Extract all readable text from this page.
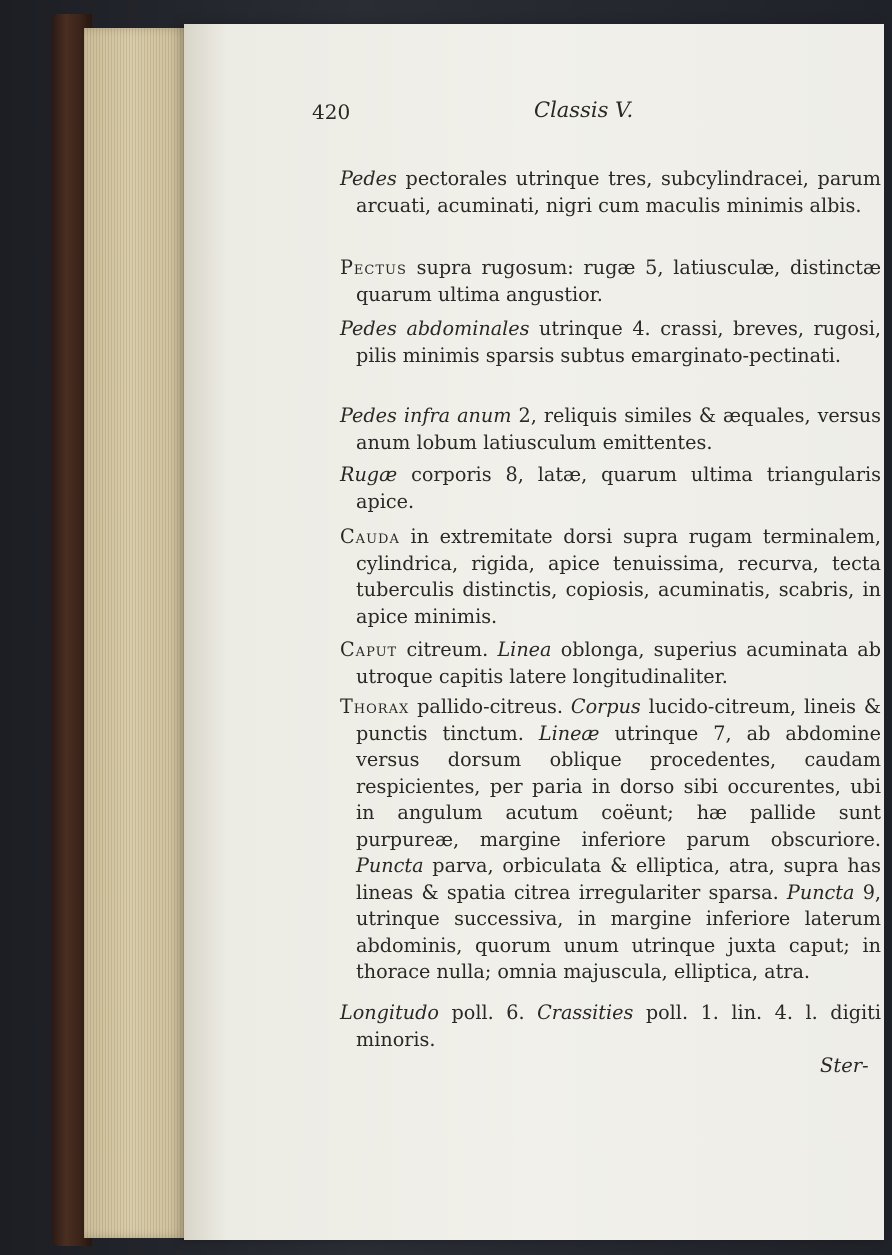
420	Classis V.
Pedes pectorales utrinque tres, subcylindracei, parum arcuati, acuminati, nigri cum maculis minimis albis.
Pectus supra rugosum: rugæ 5, latiusculæ, distinctæ quarum ultima angustior.
Pedes abdominales utrinque 4. crassi, breves, rugosi, pilis minimis sparsis subtus emarginato-pectinati.
Pedes infra anum 2, reliquis similes & æquales, versus anum lobum latiusculum emittentes.
Rugæ corporis 8, latæ, quarum ultima triangularis apice.
Cauda in extremitate dorsi supra rugam terminalem, cylindrica, rigida, apice tenuissima, recurva, tecta tuberculis distinctis, copiosis, acuminatis, scabris, in apice minimis.
Caput citreum. Linea oblonga, superius acuminata ab utroque capitis latere longitudinaliter.
Thorax pallido-citreus. Corpus lucido-citreum, lineis & punctis tinctum. Lineæ utrinque 7, ab abdomine versus dorsum oblique procedentes, caudam respicientes, per paria in dorso sibi occurentes, ubi in angulum acutum coëunt; hæ pallide sunt purpureæ, margine inferiore parum obscuriore. Puncta parva, orbiculata & elliptica, atra, supra has lineas & spatia citrea irregulariter sparsa. Puncta 9, utrinque successiva, in margine inferiore laterum abdominis, quorum unum utrinque juxta caput; in thorace nulla; omnia majuscula, elliptica, atra.
Longitudo poll. 6. Crassities poll. 1. lin. 4. l. digiti minoris.
Ster-
